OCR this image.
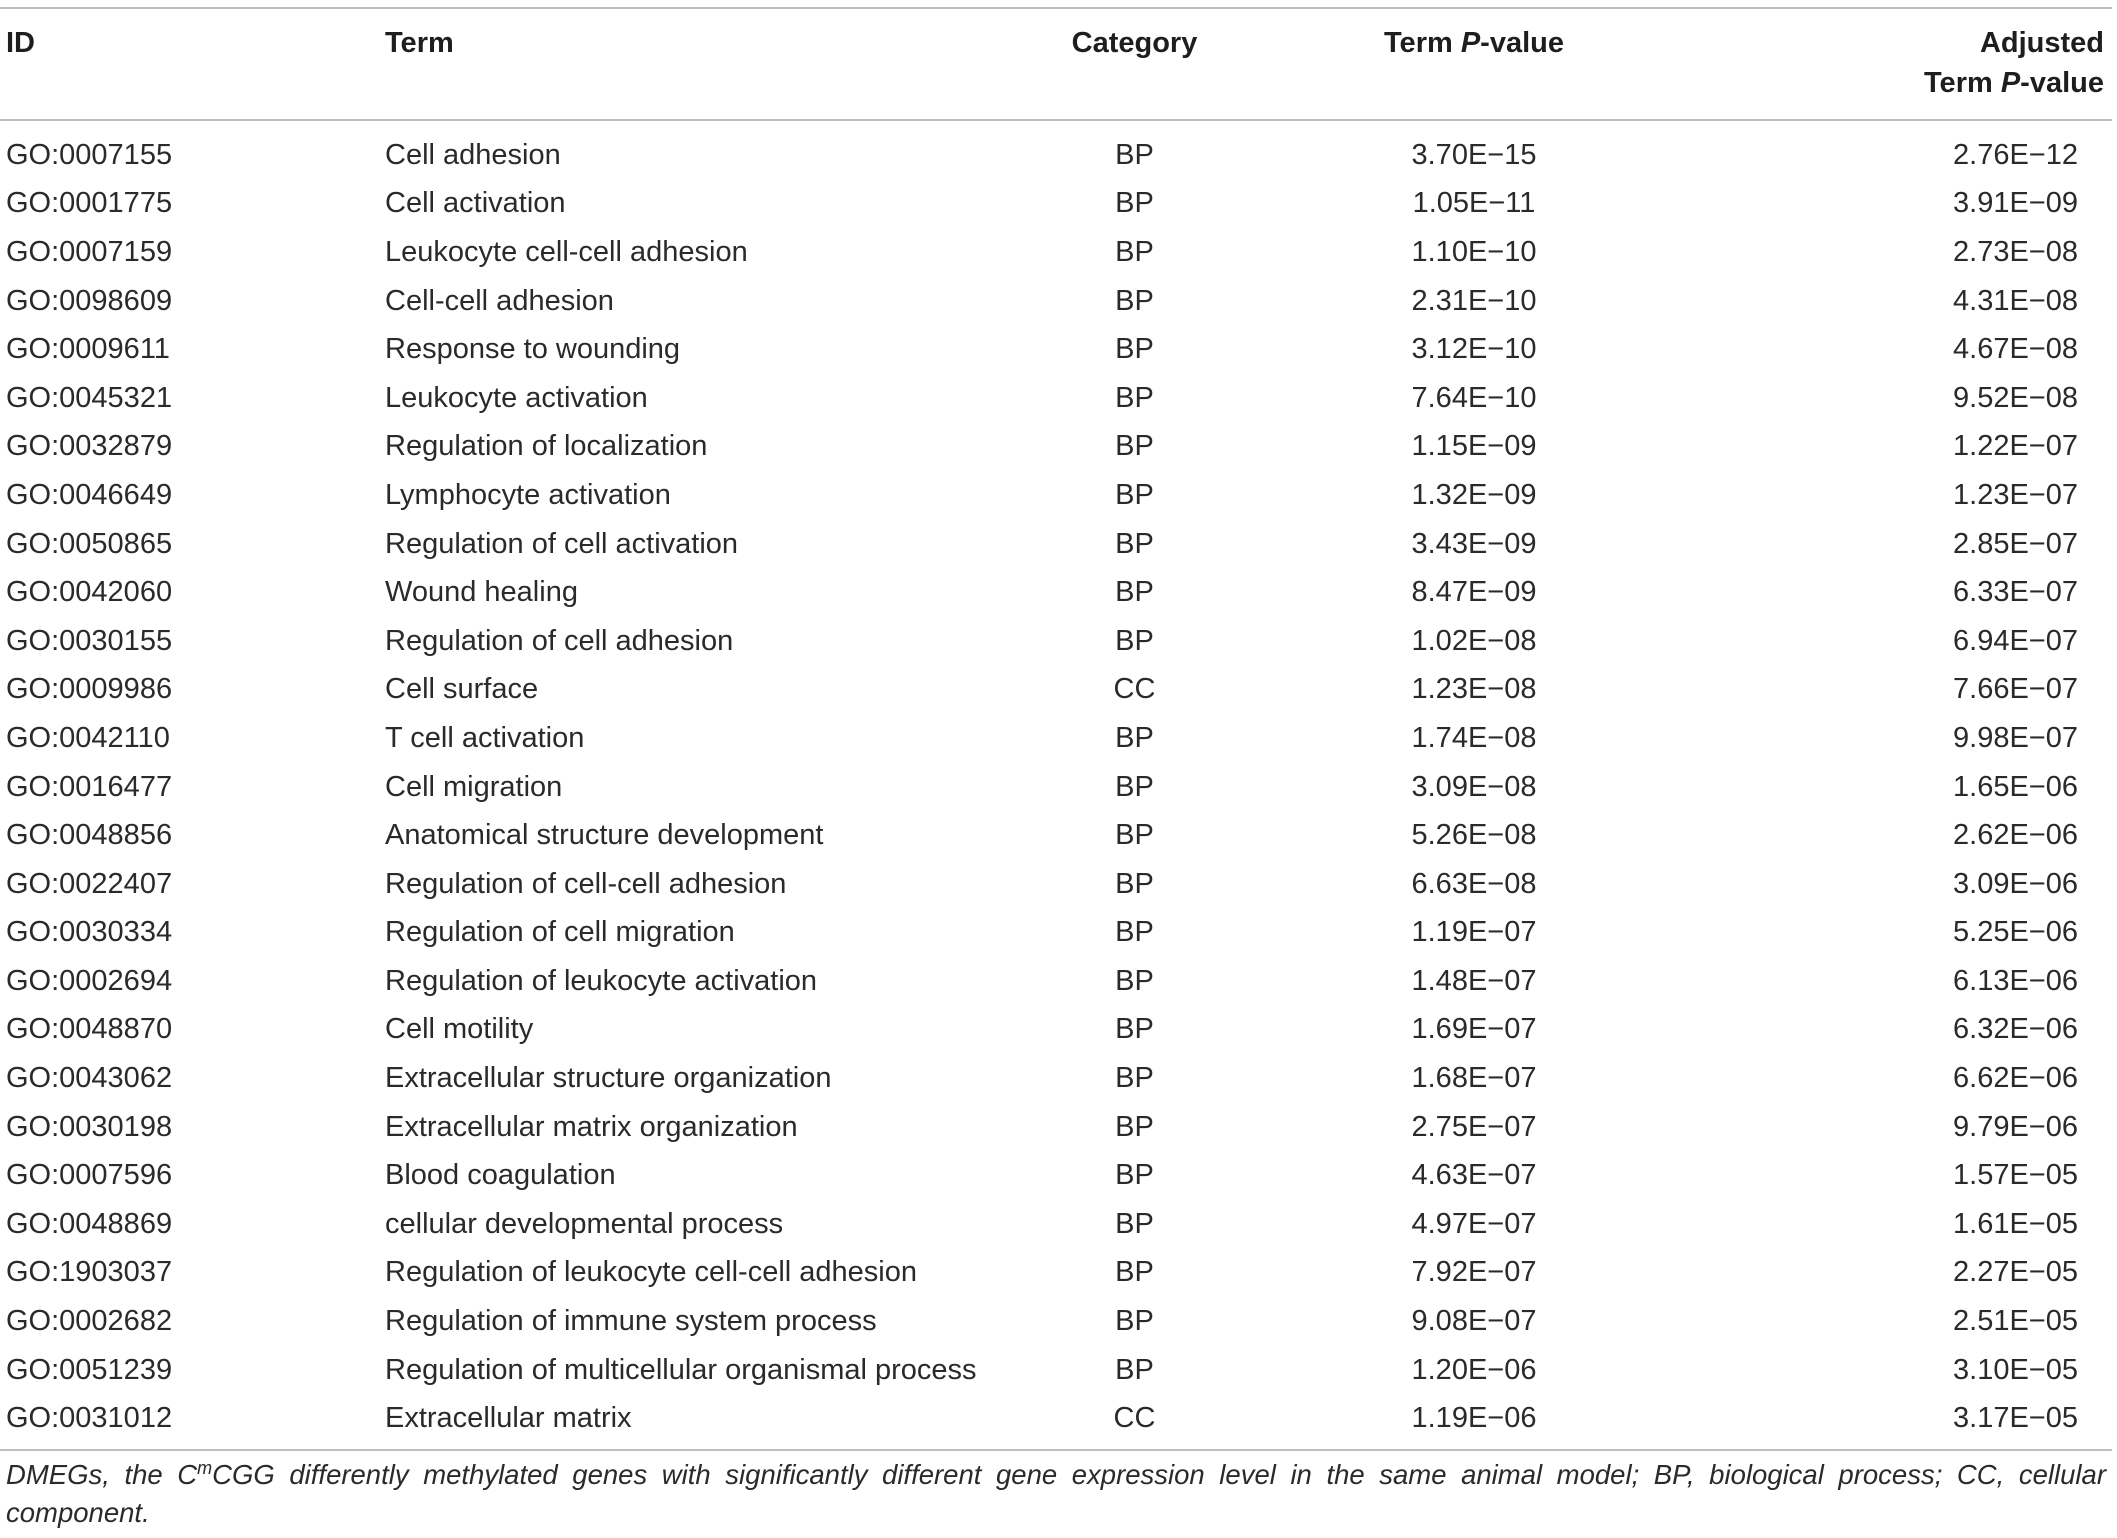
ID	Term	Category	Term P-value	Adjusted
Term P-value
GO:0007155	Cell adhesion	BP	3.70E−15	2.76E−12
GO:0001775	Cell activation	BP	1.05E−11	3.91E−09
GO:0007159	Leukocyte cell-cell adhesion	BP	1.10E−10	2.73E−08
GO:0098609	Cell-cell adhesion	BP	2.31E−10	4.31E−08
GO:0009611	Response to wounding	BP	3.12E−10	4.67E−08
GO:0045321	Leukocyte activation	BP	7.64E−10	9.52E−08
GO:0032879	Regulation of localization	BP	1.15E−09	1.22E−07
GO:0046649	Lymphocyte activation	BP	1.32E−09	1.23E−07
GO:0050865	Regulation of cell activation	BP	3.43E−09	2.85E−07
GO:0042060	Wound healing	BP	8.47E−09	6.33E−07
GO:0030155	Regulation of cell adhesion	BP	1.02E−08	6.94E−07
GO:0009986	Cell surface	CC	1.23E−08	7.66E−07
GO:0042110	T cell activation	BP	1.74E−08	9.98E−07
GO:0016477	Cell migration	BP	3.09E−08	1.65E−06
GO:0048856	Anatomical structure development	BP	5.26E−08	2.62E−06
GO:0022407	Regulation of cell-cell adhesion	BP	6.63E−08	3.09E−06
GO:0030334	Regulation of cell migration	BP	1.19E−07	5.25E−06
GO:0002694	Regulation of leukocyte activation	BP	1.48E−07	6.13E−06
GO:0048870	Cell motility	BP	1.69E−07	6.32E−06
GO:0043062	Extracellular structure organization	BP	1.68E−07	6.62E−06
GO:0030198	Extracellular matrix organization	BP	2.75E−07	9.79E−06
GO:0007596	Blood coagulation	BP	4.63E−07	1.57E−05
GO:0048869	cellular developmental process	BP	4.97E−07	1.61E−05
GO:1903037	Regulation of leukocyte cell-cell adhesion	BP	7.92E−07	2.27E−05
GO:0002682	Regulation of immune system process	BP	9.08E−07	2.51E−05
GO:0051239	Regulation of multicellular organismal process	BP	1.20E−06	3.10E−05
GO:0031012	Extracellular matrix	CC	1.19E−06	3.17E−05

DMEGs, the $C^mCGG$ differently methylated genes with significantly different gene expression level in the same animal model; BP, biological process; CC, cellular component.
